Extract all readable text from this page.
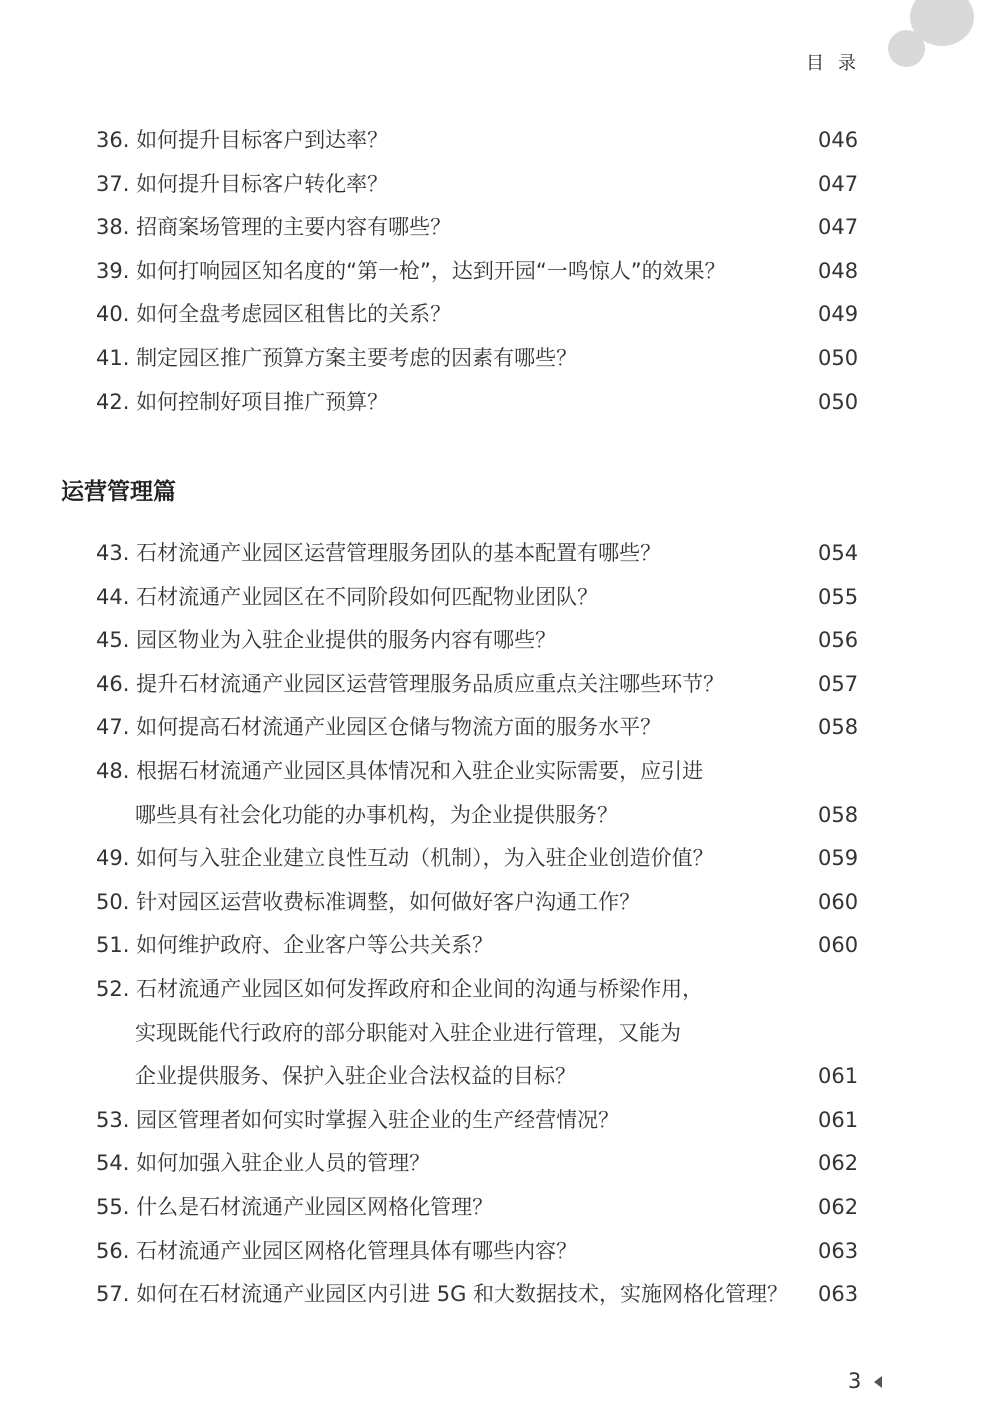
目录
36. 如何提升目标客户到达率？	046
37. 如何提升目标客户转化率？	047
38. 招商案场管理的主要内容有哪些？	047
39. 如何打响园区知名度的“第一枪”，达到开园“一鸣惊人”的效果？	048
40. 如何全盘考虑园区租售比的关系？	049
41. 制定园区推广预算方案主要考虑的因素有哪些？	050
42. 如何控制好项目推广预算？	050
运营管理篇
43. 石材流通产业园区运营管理服务团队的基本配置有哪些？	054
44. 石材流通产业园区在不同阶段如何匹配物业团队？	055
45. 园区物业为入驻企业提供的服务内容有哪些？	056
46. 提升石材流通产业园区运营管理服务品质应重点关注哪些环节？	057
47. 如何提高石材流通产业园区仓储与物流方面的服务水平？	058
48. 根据石材流通产业园区具体情况和入驻企业实际需要，应引进
哪些具有社会化功能的办事机构，为企业提供服务？	058
49. 如何与入驻企业建立良性互动（机制），为入驻企业创造价值？	059
50. 针对园区运营收费标准调整，如何做好客户沟通工作？	060
51. 如何维护政府、企业客户等公共关系？	060
52. 石材流通产业园区如何发挥政府和企业间的沟通与桥梁作用，
实现既能代行政府的部分职能对入驻企业进行管理，又能为
企业提供服务、保护入驻企业合法权益的目标？	061
53. 园区管理者如何实时掌握入驻企业的生产经营情况？	061
54. 如何加强入驻企业人员的管理？	062
55. 什么是石材流通产业园区网格化管理？	062
56. 石材流通产业园区网格化管理具体有哪些内容？	063
57. 如何在石材流通产业园区内引进 5G 和大数据技术，实施网格化管理？	063
3
